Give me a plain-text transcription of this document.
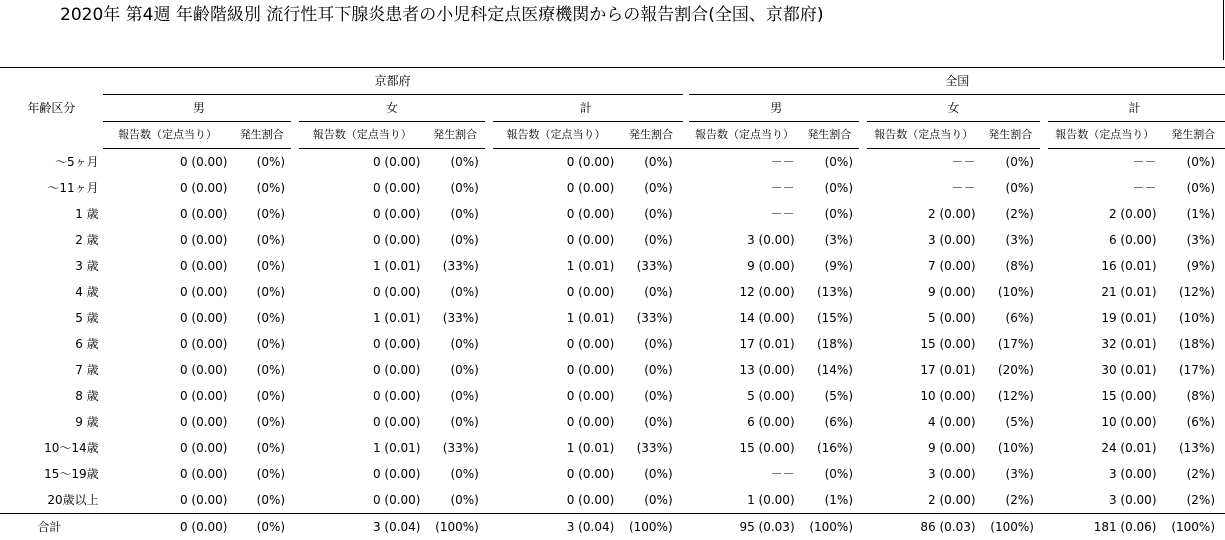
2020年 第4週 年齢階級別 流行性耳下腺炎患者の小児科定点医療機関からの報告割合(全国、京都府)
年齢区分	京都府							全国					
	男		女		計			男		女		計	
	報告数（定点当り）	発生割合	報告数（定点当り）	発生割合	報告数（定点当り）	発生割合		報告数（定点当り）	発生割合	報告数（定点当り）	発生割合	報告数（定点当り）	発生割合
～5ヶ月	0 (0.00)	(0%)	0 (0.00)	(0%)	0 (0.00)	(0%)		－－	(0%)	－－	(0%)	－－	(0%)
～11ヶ月	0 (0.00)	(0%)	0 (0.00)	(0%)	0 (0.00)	(0%)		－－	(0%)	－－	(0%)	－－	(0%)
1 歳	0 (0.00)	(0%)	0 (0.00)	(0%)	0 (0.00)	(0%)		－－	(0%)	2 (0.00)	(2%)	2 (0.00)	(1%)
2 歳	0 (0.00)	(0%)	0 (0.00)	(0%)	0 (0.00)	(0%)		3 (0.00)	(3%)	3 (0.00)	(3%)	6 (0.00)	(3%)
3 歳	0 (0.00)	(0%)	1 (0.01)	(33%)	1 (0.01)	(33%)		9 (0.00)	(9%)	7 (0.00)	(8%)	16 (0.01)	(9%)
4 歳	0 (0.00)	(0%)	0 (0.00)	(0%)	0 (0.00)	(0%)		12 (0.00)	(13%)	9 (0.00)	(10%)	21 (0.01)	(12%)
5 歳	0 (0.00)	(0%)	1 (0.01)	(33%)	1 (0.01)	(33%)		14 (0.00)	(15%)	5 (0.00)	(6%)	19 (0.01)	(10%)
6 歳	0 (0.00)	(0%)	0 (0.00)	(0%)	0 (0.00)	(0%)		17 (0.01)	(18%)	15 (0.00)	(17%)	32 (0.01)	(18%)
7 歳	0 (0.00)	(0%)	0 (0.00)	(0%)	0 (0.00)	(0%)		13 (0.00)	(14%)	17 (0.01)	(20%)	30 (0.01)	(17%)
8 歳	0 (0.00)	(0%)	0 (0.00)	(0%)	0 (0.00)	(0%)		5 (0.00)	(5%)	10 (0.00)	(12%)	15 (0.00)	(8%)
9 歳	0 (0.00)	(0%)	0 (0.00)	(0%)	0 (0.00)	(0%)		6 (0.00)	(6%)	4 (0.00)	(5%)	10 (0.00)	(6%)
10～14歳	0 (0.00)	(0%)	1 (0.01)	(33%)	1 (0.01)	(33%)		15 (0.00)	(16%)	9 (0.00)	(10%)	24 (0.01)	(13%)
15～19歳	0 (0.00)	(0%)	0 (0.00)	(0%)	0 (0.00)	(0%)		－－	(0%)	3 (0.00)	(3%)	3 (0.00)	(2%)
20歳以上	0 (0.00)	(0%)	0 (0.00)	(0%)	0 (0.00)	(0%)		1 (0.00)	(1%)	2 (0.00)	(2%)	3 (0.00)	(2%)
合計	0 (0.00)	(0%)	3 (0.04)	(100%)	3 (0.04)	(100%)		95 (0.03)	(100%)	86 (0.03)	(100%)	181 (0.06)	(100%)
